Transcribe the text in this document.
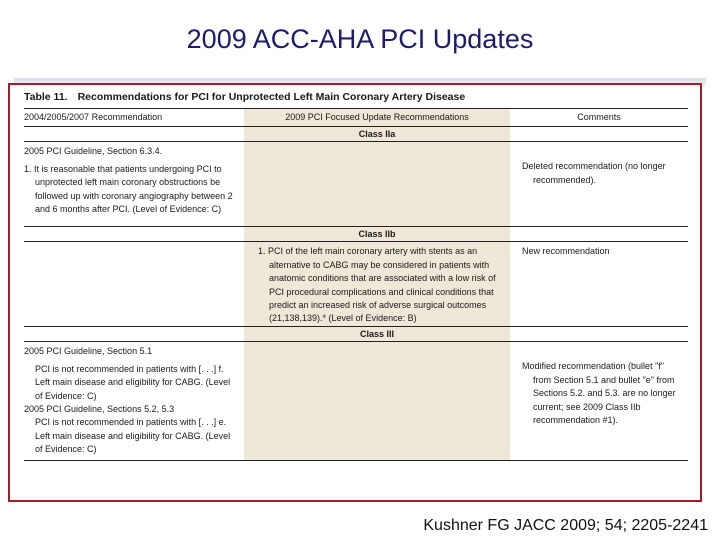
2009 ACC-AHA PCI Updates
Table 11. Recommendations for PCI for Unprotected Left Main Coronary Artery Disease
2004/2005/2007 Recommendation	2009 PCI Focused Update Recommendations	Comments
Class IIa

2005 PCI Guideline, Section 6.3.4.

1. It is reasonable that patients undergoing PCI to unprotected left main coronary obstructions be followed up with coronary angiography between 2 and 6 months after PCI. (Level of Evidence: C)

Deleted recommendation (no longer recommended).

Class IIb

1. PCI of the left main coronary artery with stents as an alternative to CABG may be considered in patients with anatomic conditions that are associated with a low risk of PCI procedural complications and clinical conditions that predict an increased risk of adverse surgical outcomes (21,138,139).* (Level of Evidence: B)

New recommendation

Class III

2005 PCI Guideline, Section 5.1

PCI is not recommended in patients with [. . .] f. Left main disease and eligibility for CABG. (Level of Evidence: C)

2005 PCI Guideline, Sections 5.2, 5.3

PCI is not recommended in patients with [. . .] e. Left main disease and eligibility for CABG. (Level of Evidence: C)

Modified recommendation (bullet "f" from Section 5.1 and bullet "e" from Sections 5.2. and 5.3. are no longer current; see 2009 Class IIb recommendation #1).

Kushner FG JACC 2009; 54; 2205-2241
